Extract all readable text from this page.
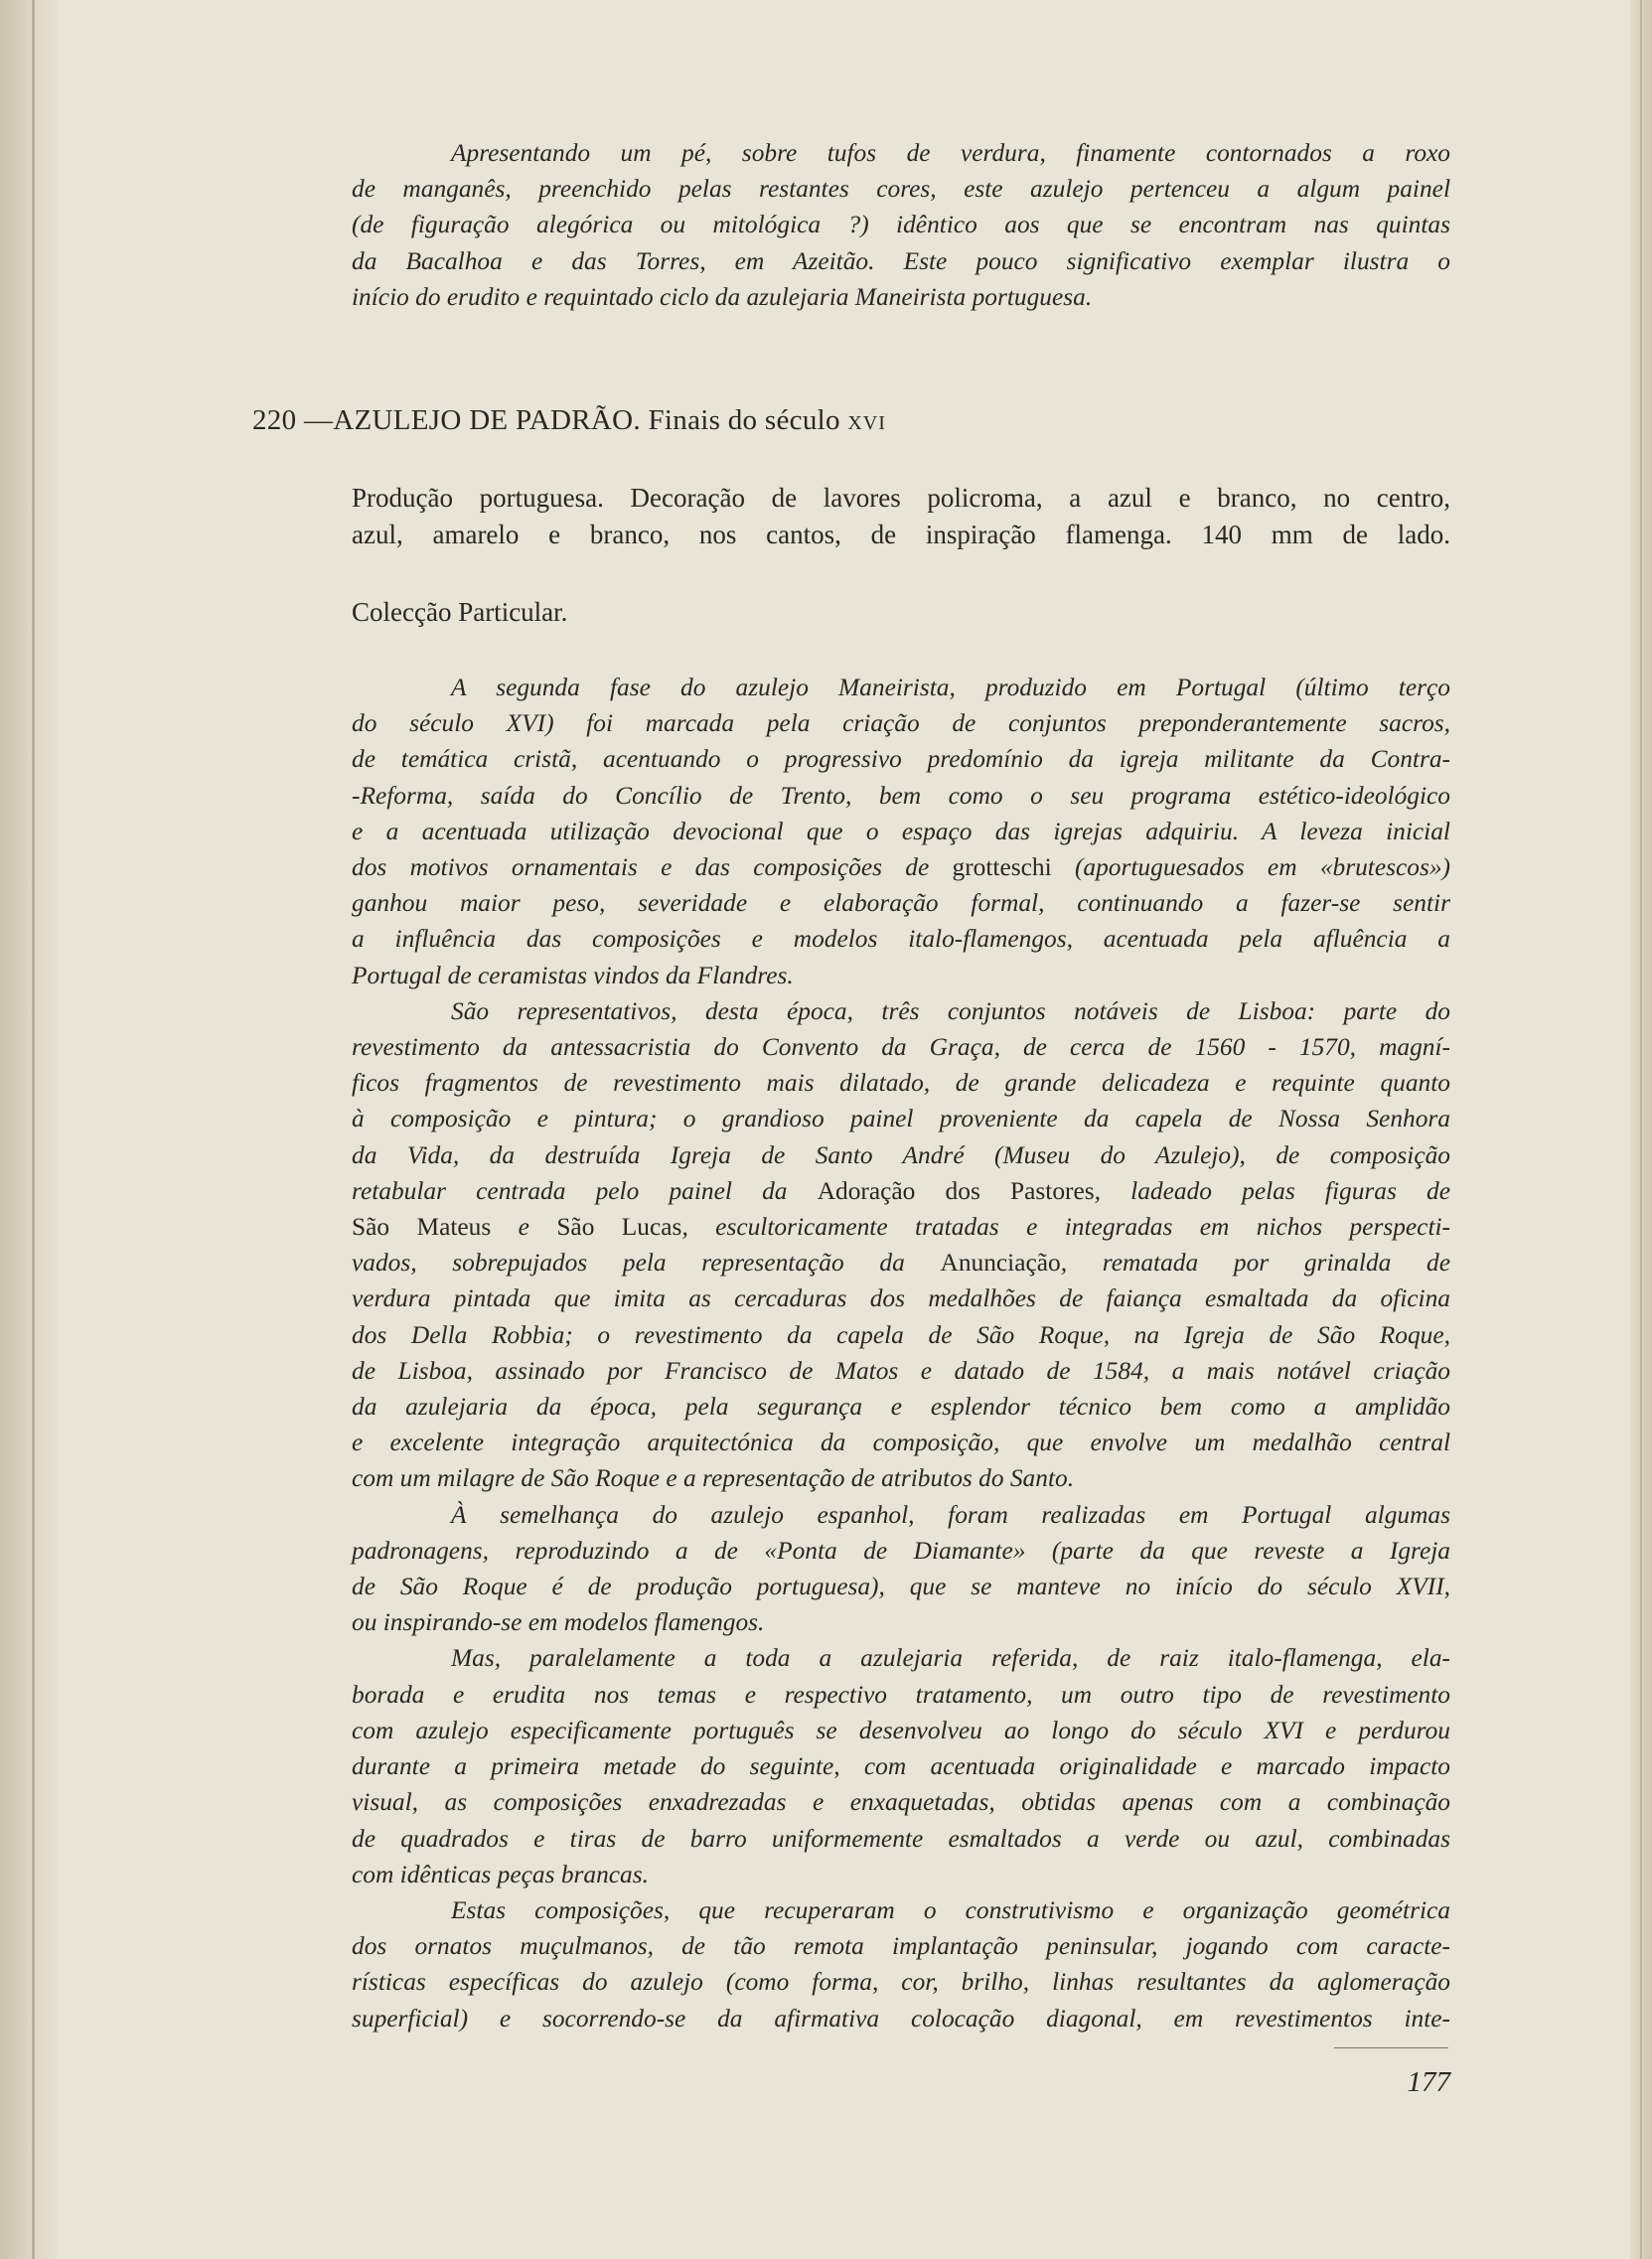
Apresentando um pé, sobre tufos de verdura, finamente contornados a roxo
de manganês, preenchido pelas restantes cores, este azulejo pertenceu a algum painel
(de figuração alegórica ou mitológica ?) idêntico aos que se encontram nas quintas
da Bacalhoa e das Torres, em Azeitão. Este pouco significativo exemplar ilustra o
início do erudito e requintado ciclo da azulejaria Maneirista portuguesa.
220 —AZULEJO DE PADRÃO. Finais do século XVI
Produção portuguesa. Decoração de lavores policroma, a azul e branco, no centro,
azul, amarelo e branco, nos cantos, de inspiração flamenga. 140 mm de lado.
Colecção Particular.
A segunda fase do azulejo Maneirista, produzido em Portugal (último terço
do século XVI) foi marcada pela criação de conjuntos preponderantemente sacros,
de temática cristã, acentuando o progressivo predomínio da igreja militante da Contra-
-Reforma, saída do Concílio de Trento, bem como o seu programa estético-ideológico
e a acentuada utilização devocional que o espaço das igrejas adquiriu. A leveza inicial
dos motivos ornamentais e das composições de grotteschi (aportuguesados em «brutescos»)
ganhou maior peso, severidade e elaboração formal, continuando a fazer-se sentir
a influência das composições e modelos italo-flamengos, acentuada pela afluência a
Portugal de ceramistas vindos da Flandres.
São representativos, desta época, três conjuntos notáveis de Lisboa: parte do
revestimento da antessacristia do Convento da Graça, de cerca de 1560 - 1570, magní-
ficos fragmentos de revestimento mais dilatado, de grande delicadeza e requinte quanto
à composição e pintura; o grandioso painel proveniente da capela de Nossa Senhora
da Vida, da destruída Igreja de Santo André (Museu do Azulejo), de composição
retabular centrada pelo painel da Adoração dos Pastores, ladeado pelas figuras de
São Mateus e São Lucas, escultoricamente tratadas e integradas em nichos perspecti-
vados, sobrepujados pela representação da Anunciação, rematada por grinalda de
verdura pintada que imita as cercaduras dos medalhões de faiança esmaltada da oficina
dos Della Robbia; o revestimento da capela de São Roque, na Igreja de São Roque,
de Lisboa, assinado por Francisco de Matos e datado de 1584, a mais notável criação
da azulejaria da época, pela segurança e esplendor técnico bem como a amplidão
e excelente integração arquitectónica da composição, que envolve um medalhão central
com um milagre de São Roque e a representação de atributos do Santo.
À semelhança do azulejo espanhol, foram realizadas em Portugal algumas
padronagens, reproduzindo a de «Ponta de Diamante» (parte da que reveste a Igreja
de São Roque é de produção portuguesa), que se manteve no início do século XVII,
ou inspirando-se em modelos flamengos.
Mas, paralelamente a toda a azulejaria referida, de raiz italo-flamenga, ela-
borada e erudita nos temas e respectivo tratamento, um outro tipo de revestimento
com azulejo especificamente português se desenvolveu ao longo do século XVI e perdurou
durante a primeira metade do seguinte, com acentuada originalidade e marcado impacto
visual, as composições enxadrezadas e enxaquetadas, obtidas apenas com a combinação
de quadrados e tiras de barro uniformemente esmaltados a verde ou azul, combinadas
com idênticas peças brancas.
Estas composições, que recuperaram o construtivismo e organização geométrica
dos ornatos muçulmanos, de tão remota implantação peninsular, jogando com caracte-
rísticas específicas do azulejo (como forma, cor, brilho, linhas resultantes da aglomeração
superficial) e socorrendo-se da afirmativa colocação diagonal, em revestimentos inte-
177
